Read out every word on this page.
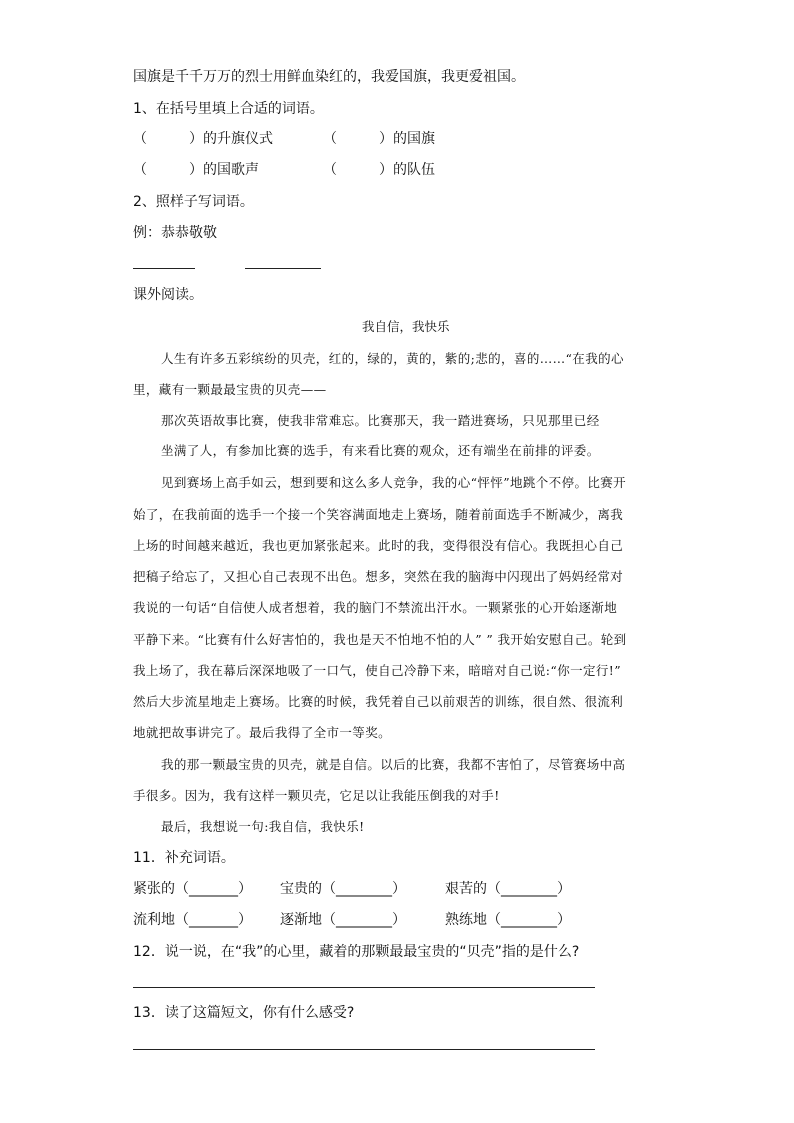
国旗是千千万万的烈士用鲜血染红的，我爱国旗，我更爱祖国。
1、在括号里填上合适的词语。
（　　　）的升旗仪式	（　　　）的国旗
（　　　）的国歌声	（　　　）的队伍
2、照样子写词语。
例：恭恭敬敬
课外阅读。
我自信，我快乐
人生有许多五彩缤纷的贝壳，红的，绿的，黄的，紫的;悲的，喜的……“在我的心
里，藏有一颗最最宝贵的贝壳——
那次英语故事比赛，使我非常难忘。比赛那天，我一踏进赛场，只见那里已经
坐满了人，有参加比赛的选手，有来看比赛的观众，还有端坐在前排的评委。
见到赛场上高手如云，想到要和这么多人竞争，我的心“怦怦”地跳个不停。比赛开
始了，在我前面的选手一个接一个笑容满面地走上赛场，随着前面选手不断减少，离我
上场的时间越来越近，我也更加紧张起来。此时的我，变得很没有信心。我既担心自己
把稿子给忘了，又担心自己表现不出色。想多，突然在我的脑海中闪现出了妈妈经常对
我说的一句话“自信使人成者想着，我的脑门不禁流出汗水。一颗紧张的心开始逐渐地
平静下来。“比赛有什么好害怕的，我也是天不怕地不怕的人” ” 我开始安慰自己。轮到
我上场了，我在幕后深深地吸了一口气，使自己冷静下来，暗暗对自己说:“你一定行!”
然后大步流星地走上赛场。比赛的时候，我凭着自己以前艰苦的训练，很自然、很流利
地就把故事讲完了。最后我得了全市一等奖。
我的那一颗最宝贵的贝壳，就是自信。以后的比赛，我都不害怕了，尽管赛场中高
手很多。因为，我有这样一颗贝壳，它足以让我能压倒我的对手!
最后，我想说一句:我自信，我快乐!
11．补充词语。
紧张的（_______） 宝贵的（________）	艰苦的（________）
流利地（_______） 逐渐地（________）	熟练地（________）
12．说一说，在“我”的心里，藏着的那颗最最宝贵的“贝壳”指的是什么?
13．读了这篇短文，你有什么感受?
